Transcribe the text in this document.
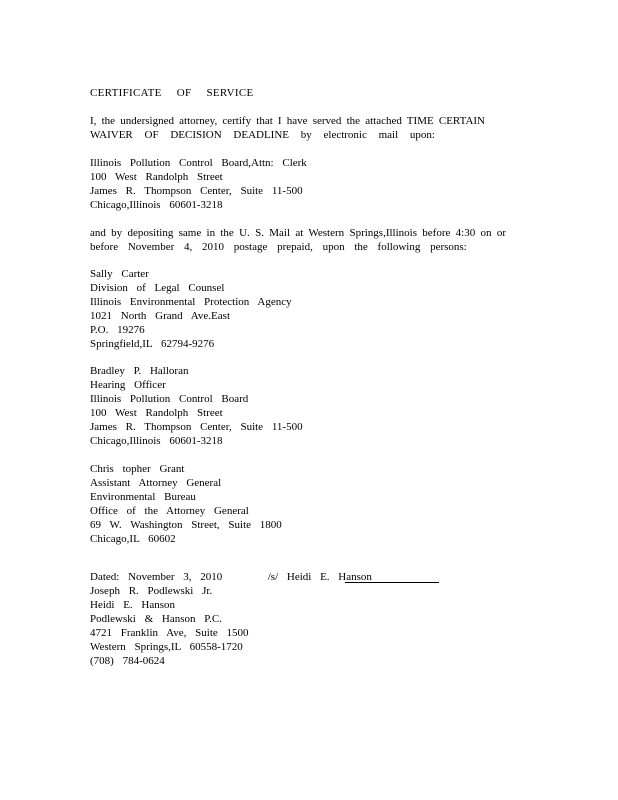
CERTIFICATE OF SERVICE
I, the undersigned attorney, certify that I have served the attached TIME CERTAIN
WAIVER OF DECISION DEADLINE by electronic mail upon:
Illinois Pollution Control Board,Attn: Clerk
100 West Randolph Street
James R. Thompson Center, Suite 11-500
Chicago,Illinois 60601-3218
and by depositing same in the U. S. Mail at Western Springs,Illinois before 4:30 on or
before November 4, 2010 postage prepaid, upon the following persons:
Sally Carter
Division of Legal Counsel
Illinois Environmental Protection Agency
1021 North Grand Ave.East
P.O. 19276
Springfield,IL 62794-9276
Bradley P. Halloran
Hearing Officer
Illinois Pollution Control Board
100 West Randolph Street
James R. Thompson Center, Suite 11-500
Chicago,Illinois 60601-3218
Chris topher Grant
Assistant Attorney General
Environmental Bureau
Office of the Attorney General
69 W. Washington Street, Suite 1800
Chicago,IL 60602
Dated: November 3, 2010	/s/ Heidi E. Hanson
Joseph R. Podlewski Jr.
Heidi E. Hanson
Podlewski & Hanson P.C.
4721 Franklin Ave, Suite 1500
Western Springs,IL 60558-1720
(708) 784-0624
